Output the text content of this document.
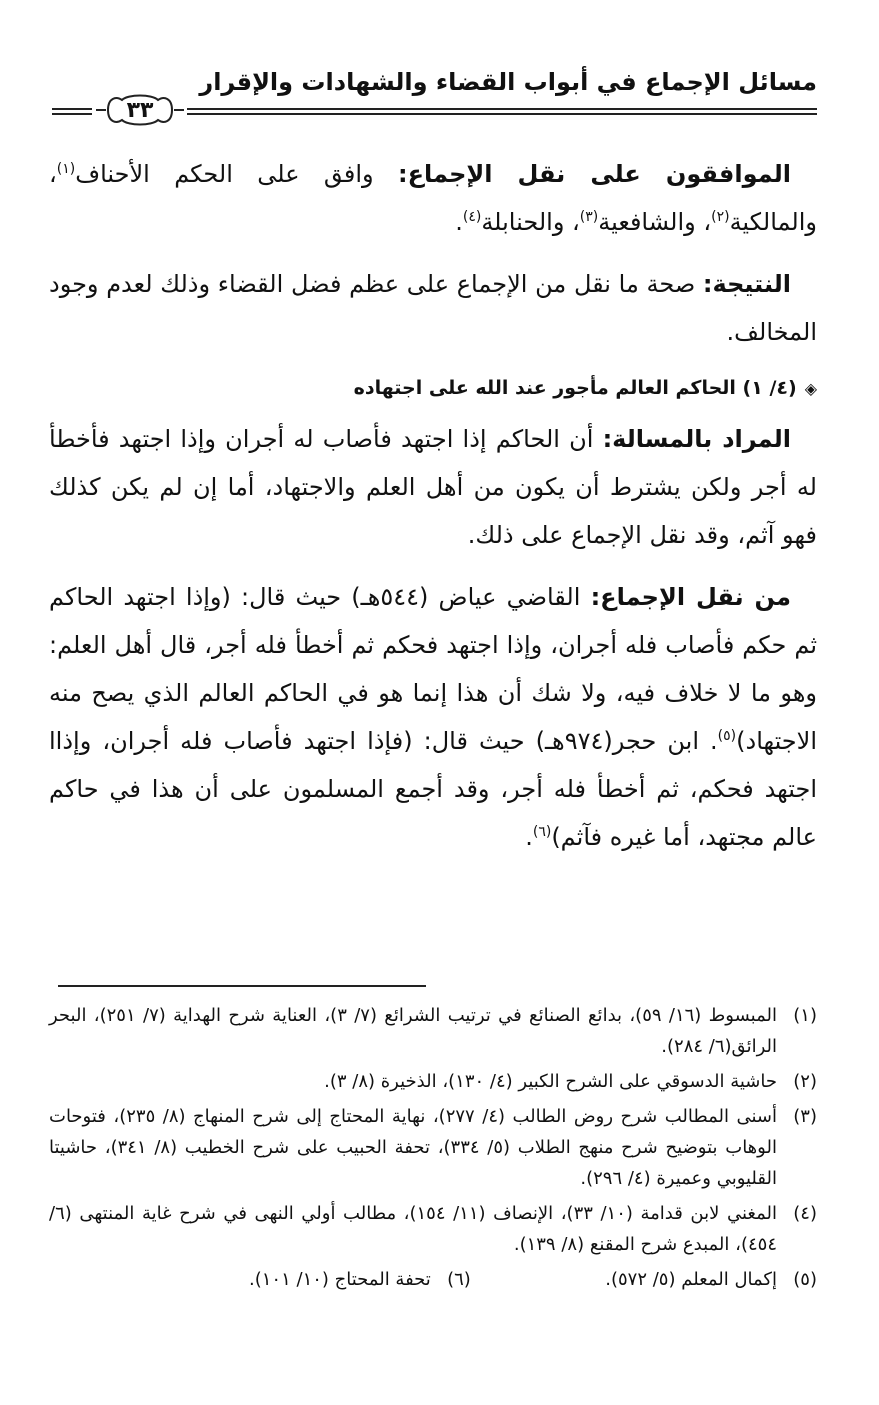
مسائل الإجماع في أبواب القضاء والشهادات والإقرار
٣٣

الموافقون على نقل الإجماع: وافق على الحكم الأحناف$^{(١)}$، والمالكية$^{(٢)}$، والشافعية$^{(٣)}$، والحنابلة$^{(٤)}$.

النتيجة: صحة ما نقل من الإجماع على عظم فضل القضاء وذلك لعدم وجود المخالف.

◈(٤/ ١) الحاكم العالم مأجور عند الله على اجتهاده

المراد بالمسالة: أن الحاكم إذا اجتهد فأصاب له أجران وإذا اجتهد فأخطأ له أجر ولكن يشترط أن يكون من أهل العلم والاجتهاد، أما إن لم يكن كذلك فهو آثم، وقد نقل الإجماع على ذلك.

من نقل الإجماع: القاضي عياض (٥٤٤هـ) حيث قال: (وإذا اجتهد الحاكم ثم حكم فأصاب فله أجران، وإذا اجتهد فحكم ثم أخطأ فله أجر، قال أهل العلم: وهو ما لا خلاف فيه، ولا شك أن هذا إنما هو في الحاكم العالم الذي يصح منه الاجتهاد)$^{(٥)}$. ابن حجر(٩٧٤هـ) حيث قال: (فإذا اجتهد فأصاب فله أجران، وإذاا اجتهد فحكم، ثم أخطأ فله أجر، وقد أجمع المسلمون على أن هذا في حاكم عالم مجتهد، أما غيره فآثم)$^{(٦)}$.

(١)
المبسوط (١٦/ ٥٩)، بدائع الصنائع في ترتيب الشرائع (٧/ ٣)، العناية شرح الهداية (٧/ ٢٥١)، البحر الرائق(٦/ ٢٨٤).
(٢)
حاشية الدسوقي على الشرح الكبير (٤/ ١٣٠)، الذخيرة (٨/ ٣).
(٣)
أسنى المطالب شرح روض الطالب (٤/ ٢٧٧)، نهاية المحتاج إلى شرح المنهاج (٨/ ٢٣٥)، فتوحات الوهاب بتوضيح شرح منهج الطلاب (٥/ ٣٣٤)، تحفة الحبيب على شرح الخطيب (٨/ ٣٤١)، حاشيتا القليوبي وعميرة (٤/ ٢٩٦).
(٤)
المغني لابن قدامة (١٠/ ٣٣)، الإنصاف (١١/ ١٥٤)، مطالب أولي النهى في شرح غاية المنتهى (٦/ ٤٥٤)، المبدع شرح المقنع (٨/ ١٣٩).
(٥)
إكمال المعلم (٥/ ٥٧٢).
(٦)
تحفة المحتاج (١٠/ ١٠١).
